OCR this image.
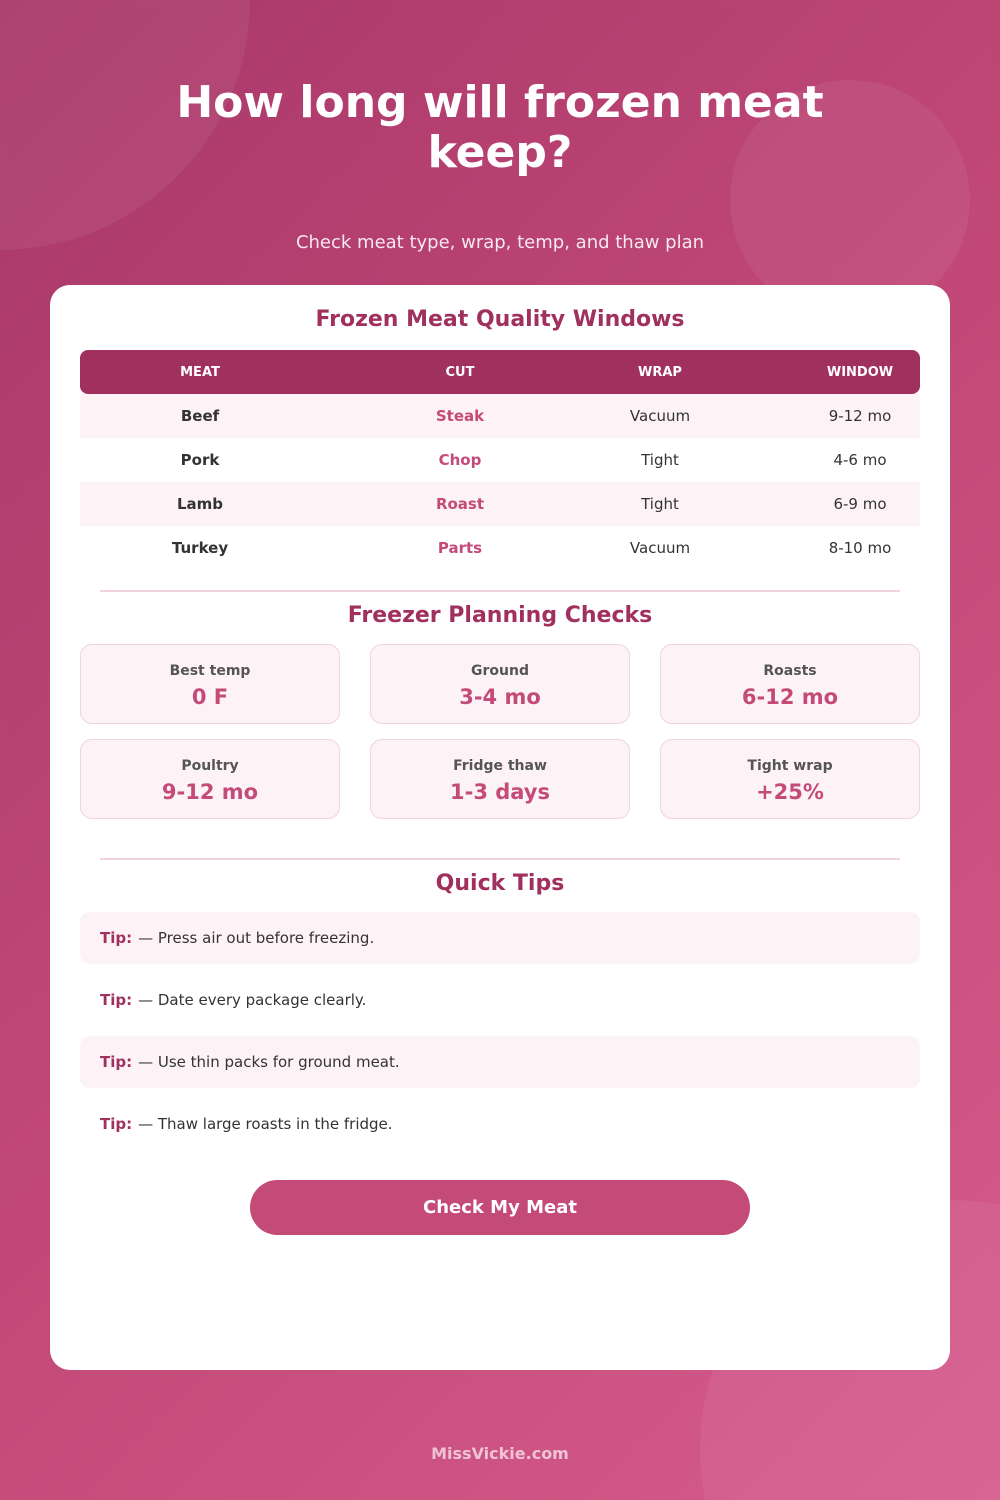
How long will frozen meat keep?

Check meat type, wrap, temp, and thaw plan

Frozen Meat Quality Windows
MEAT	CUT	WRAP	WINDOW
Beef	Steak	Vacuum	9-12 mo
Pork	Chop	Tight	4-6 mo
Lamb	Roast	Tight	6-9 mo
Turkey	Parts	Vacuum	8-10 mo
Freezer Planning Checks
Best temp
0 F
Ground
3-4 mo
Roasts
6-12 mo
Poultry
9-12 mo
Fridge thaw
1-3 days
Tight wrap
+25%
Quick Tips
Tip: — Press air out before freezing.
Tip: — Date every package clearly.
Tip: — Use thin packs for ground meat.
Tip: — Thaw large roasts in the fridge.
Check My Meat
MissVickie.com
